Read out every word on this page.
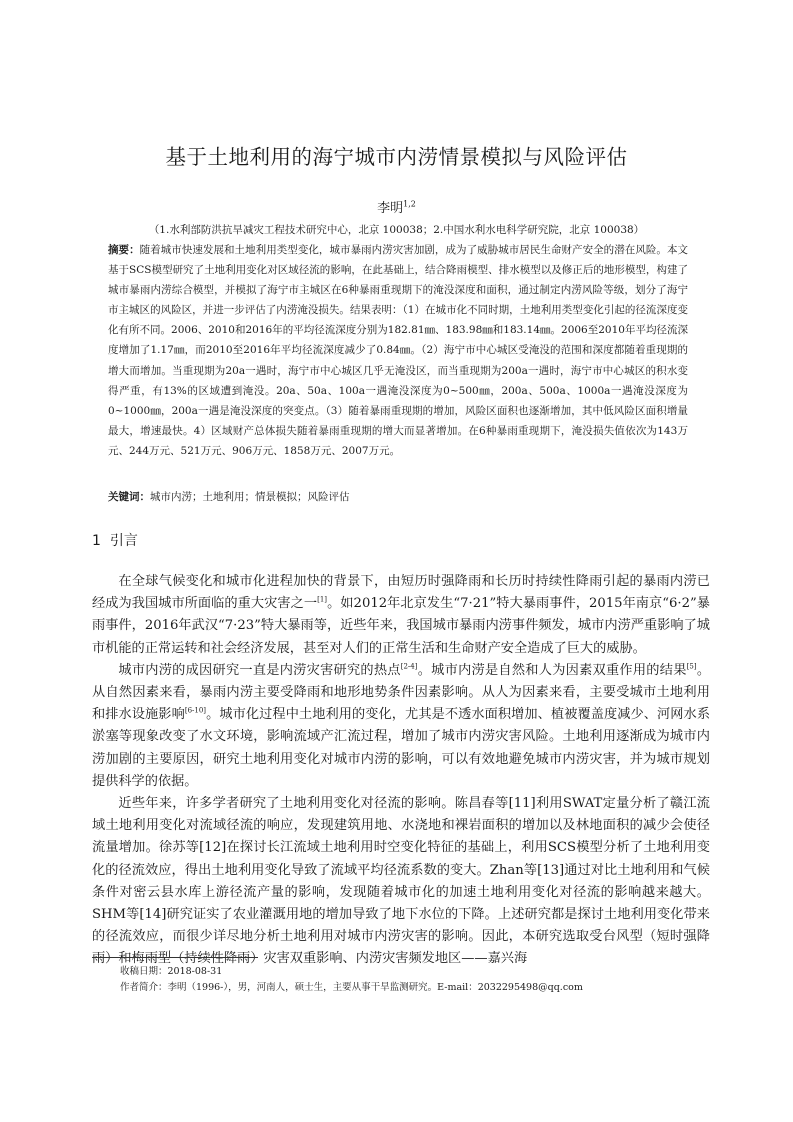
基于土地利用的海宁城市内涝情景模拟与风险评估
李明$^{1,2}$
（1.水利部防洪抗旱减灾工程技术研究中心，北京 100038；2.中国水利水电科学研究院，北京 100038）
摘要：随着城市快速发展和土地利用类型变化，城市暴雨内涝灾害加剧，成为了威胁城市居民生命财产安全的潜在风险。本文基于SCS模型研究了土地利用变化对区域径流的影响，在此基础上，结合降雨模型、排水模型以及修正后的地形模型，构建了城市暴雨内涝综合模型，并模拟了海宁市主城区在6种暴雨重现期下的淹没深度和面积，通过制定内涝风险等级，划分了海宁市主城区的风险区，并进一步评估了内涝淹没损失。结果表明：（1）在城市化不同时期，土地利用类型变化引起的径流深度变化有所不同。2006、2010和2016年的平均径流深度分别为182.81㎜、183.98㎜和183.14㎜。2006至2010年平均径流深度增加了1.17㎜，而2010至2016年平均径流深度减少了0.84㎜。（2）海宁市中心城区受淹没的范围和深度都随着重现期的增大而增加。当重现期为20a一遇时，海宁市中心城区几乎无淹没区，而当重现期为200a一遇时，海宁市中心城区的积水变得严重，有13%的区域遭到淹没。20a、50a、100a一遇淹没深度为0~500㎜，200a、500a、1000a一遇淹没深度为0~1000㎜，200a一遇是淹没深度的突变点。（3）随着暴雨重现期的增加，风险区面积也逐渐增加，其中低风险区面积增量最大，增速最快。4）区域财产总体损失随着暴雨重现期的增大而显著增加。在6种暴雨重现期下，淹没损失值依次为143万元、244万元、521万元、906万元、1858万元、2007万元。
关键词：城市内涝；土地利用；情景模拟；风险评估
1 引言

在全球气候变化和城市化进程加快的背景下，由短历时强降雨和长历时持续性降雨引起的暴雨内涝已经成为我国城市所面临的重大灾害之一[1]。如2012年北京发生“7·21”特大暴雨事件，2015年南京“6·2”暴雨事件，2016年武汉“7·23”特大暴雨等，近些年来，我国城市暴雨内涝事件频发，城市内涝严重影响了城市机能的正常运转和社会经济发展，甚至对人们的正常生活和生命财产安全造成了巨大的威胁。

城市内涝的成因研究一直是内涝灾害研究的热点[2-4]。城市内涝是自然和人为因素双重作用的结果[5]。从自然因素来看，暴雨内涝主要受降雨和地形地势条件因素影响。从人为因素来看，主要受城市土地利用和排水设施影响[6-10]。城市化过程中土地利用的变化，尤其是不透水面积增加、植被覆盖度减少、河网水系淤塞等现象改变了水文环境，影响流域产汇流过程，增加了城市内涝灾害风险。土地利用逐渐成为城市内涝加剧的主要原因，研究土地利用变化对城市内涝的影响，可以有效地避免城市内涝灾害，并为城市规划提供科学的依据。

近些年来，许多学者研究了土地利用变化对径流的影响。陈昌春等[11]利用SWAT定量分析了赣江流域土地利用变化对流域径流的响应，发现建筑用地、水浇地和裸岩面积的增加以及林地面积的减少会使径流量增加。徐苏等[12]在探讨长江流域土地利用时空变化特征的基础上，利用SCS模型分析了土地利用变化的径流效应，得出土地利用变化导致了流域平均径流系数的变大。Zhan等[13]通过对比土地利用和气候条件对密云县水库上游径流产量的影响，发现随着城市化的加速土地利用变化对径流的影响越来越大。SHM等[14]研究证实了农业灌溉用地的增加导致了地下水位的下降。上述研究都是探讨土地利用变化带来的径流效应，而很少详尽地分析土地利用对城市内涝灾害的影响。因此，本研究选取受台风型（短时强降雨）和梅雨型（持续性降雨）灾害双重影响、内涝灾害频发地区——嘉兴海

收稿日期：2018-08-31
作者简介：李明（1996-），男，河南人，硕士生，主要从事干旱监测研究。E-mail：2032295498@qq.com
